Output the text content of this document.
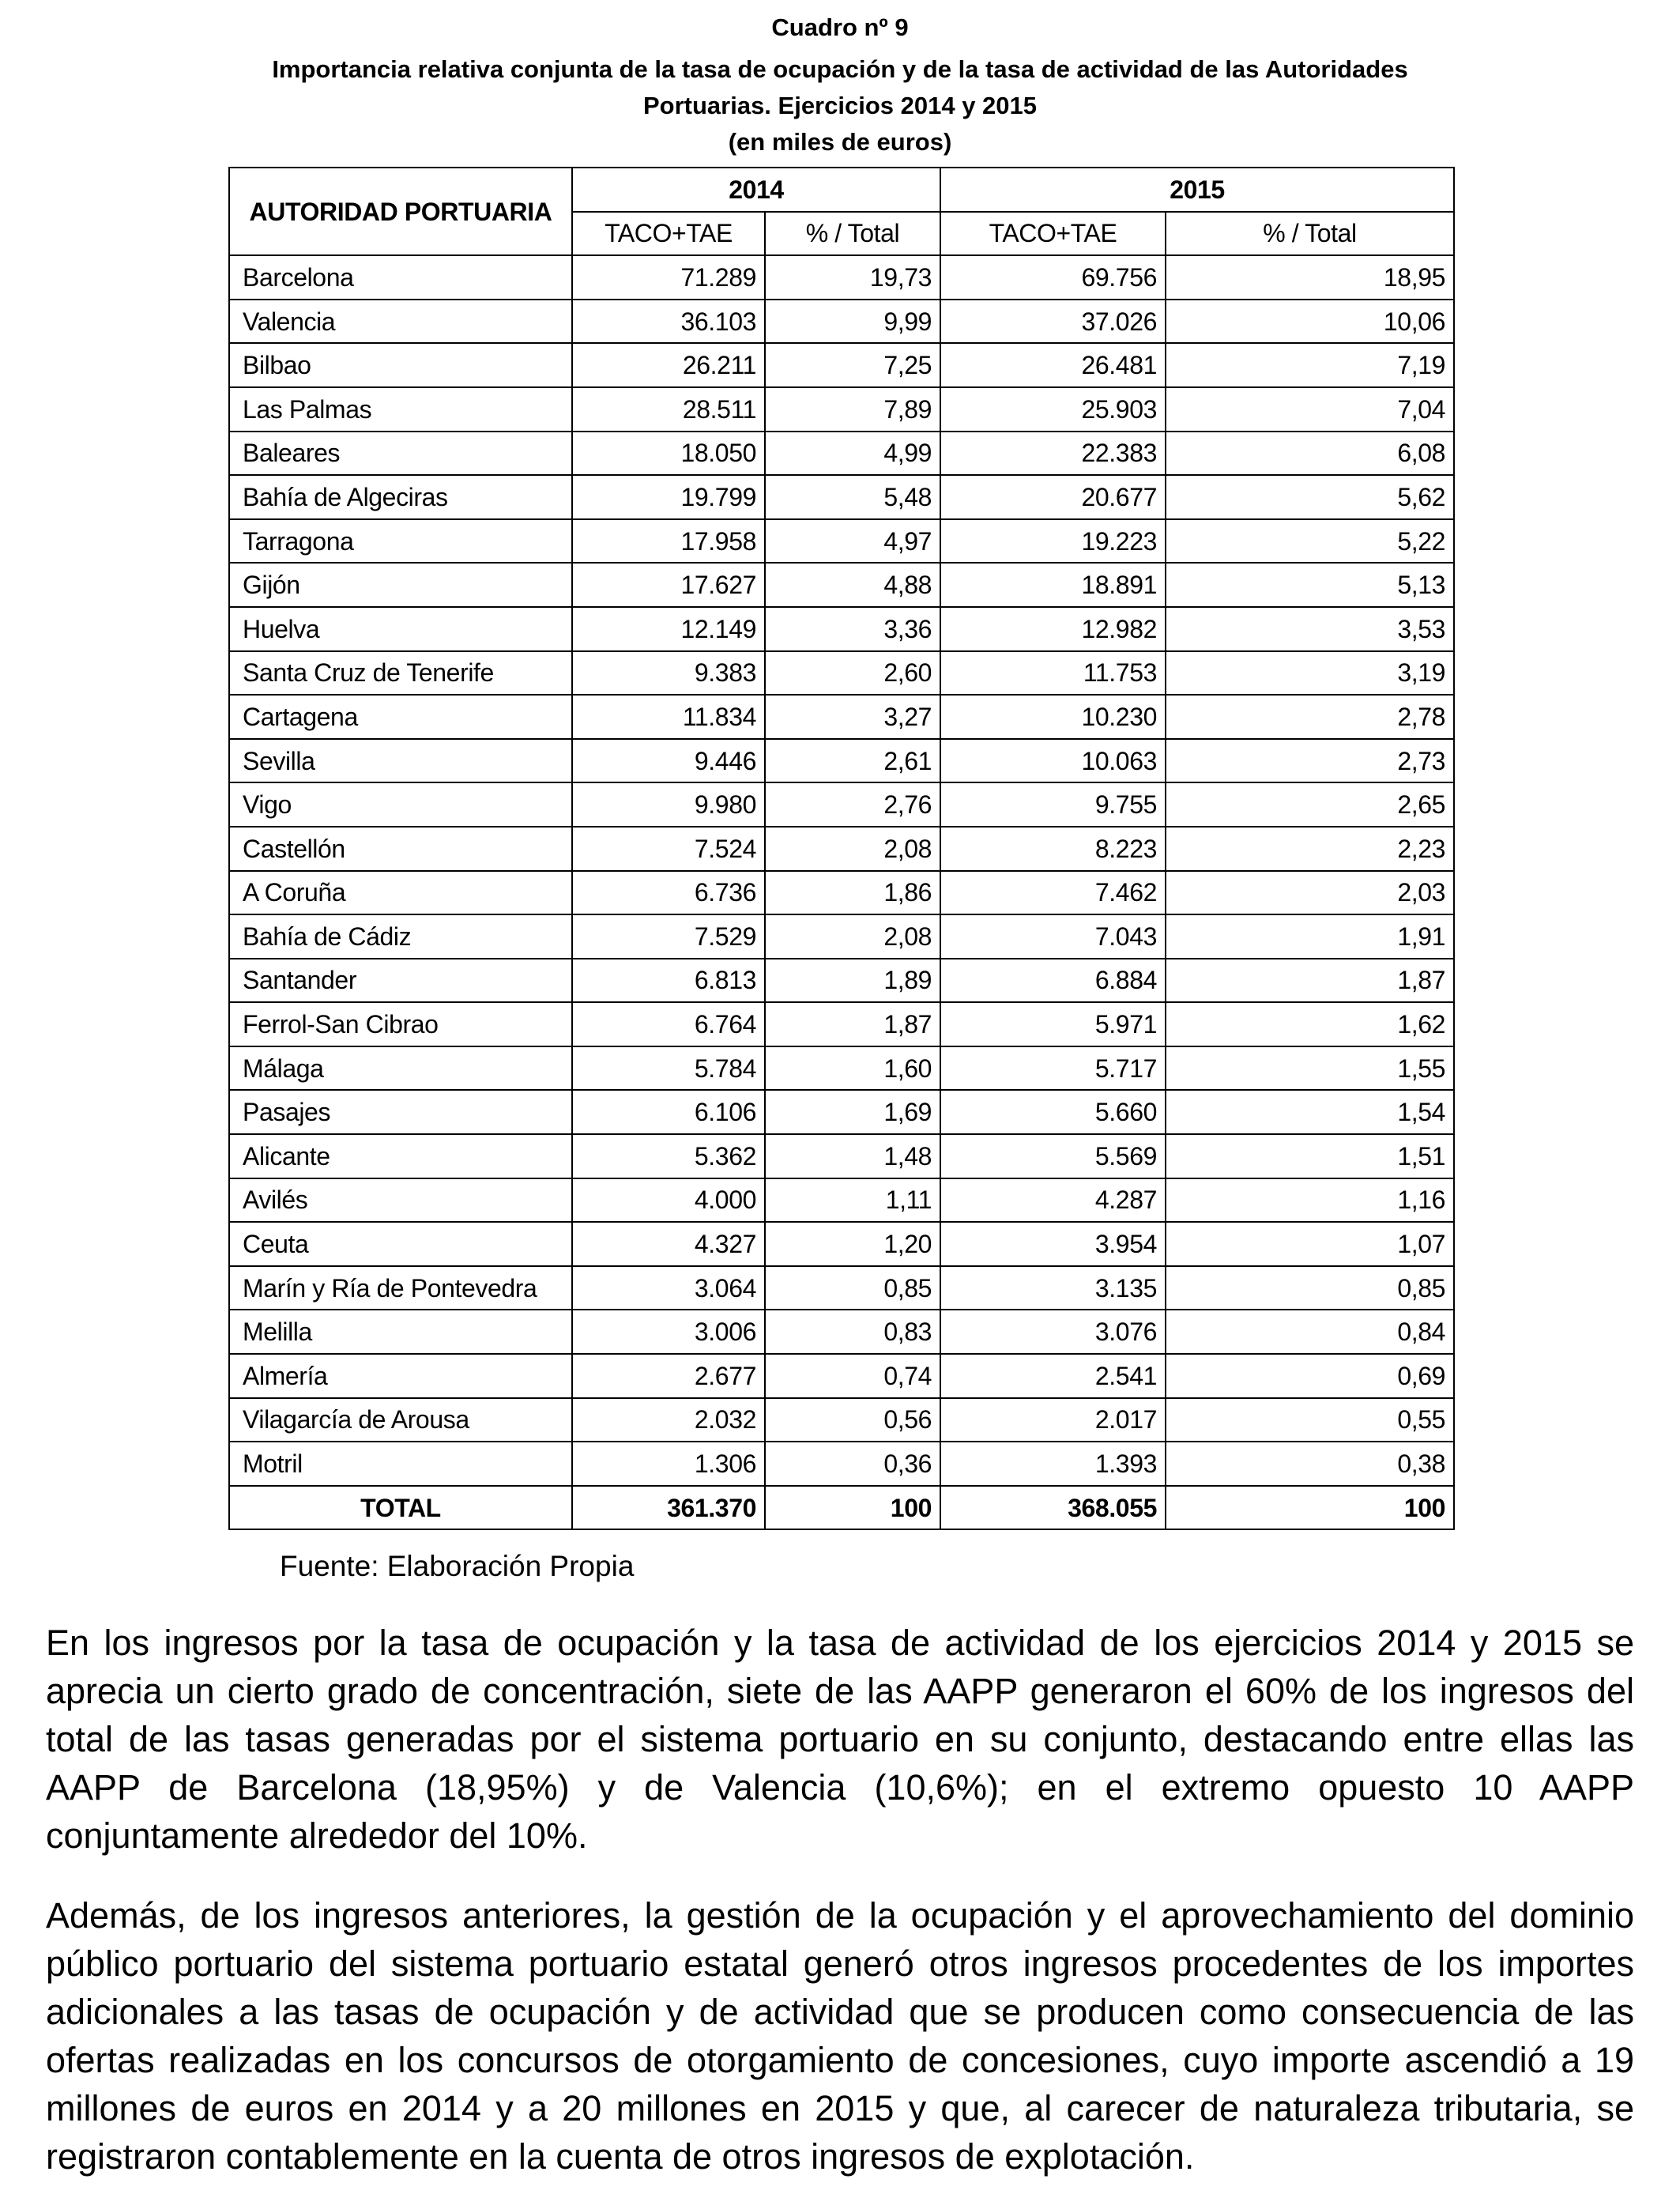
Cuadro nº 9
Importancia relativa conjunta de la tasa de ocupación y de la tasa de actividad de las Autoridades
Portuarias. Ejercicios 2014 y 2015
(en miles de euros)
AUTORIDAD PORTUARIA	2014		2015	
	TACO+TAE	% / Total	TACO+TAE	% / Total
Barcelona	71.289	19,73	69.756	18,95
Valencia	36.103	9,99	37.026	10,06
Bilbao	26.211	7,25	26.481	7,19
Las Palmas	28.511	7,89	25.903	7,04
Baleares	18.050	4,99	22.383	6,08
Bahía de Algeciras	19.799	5,48	20.677	5,62
Tarragona	17.958	4,97	19.223	5,22
Gijón	17.627	4,88	18.891	5,13
Huelva	12.149	3,36	12.982	3,53
Santa Cruz de Tenerife	9.383	2,60	11.753	3,19
Cartagena	11.834	3,27	10.230	2,78
Sevilla	9.446	2,61	10.063	2,73
Vigo	9.980	2,76	9.755	2,65
Castellón	7.524	2,08	8.223	2,23
A Coruña	6.736	1,86	7.462	2,03
Bahía de Cádiz	7.529	2,08	7.043	1,91
Santander	6.813	1,89	6.884	1,87
Ferrol-San Cibrao	6.764	1,87	5.971	1,62
Málaga	5.784	1,60	5.717	1,55
Pasajes	6.106	1,69	5.660	1,54
Alicante	5.362	1,48	5.569	1,51
Avilés	4.000	1,11	4.287	1,16
Ceuta	4.327	1,20	3.954	1,07
Marín y Ría de Pontevedra	3.064	0,85	3.135	0,85
Melilla	3.006	0,83	3.076	0,84
Almería	2.677	0,74	2.541	0,69
Vilagarcía de Arousa	2.032	0,56	2.017	0,55
Motril	1.306	0,36	1.393	0,38
TOTAL	361.370	100	368.055	100
Fuente: Elaboración Propia
En los ingresos por la tasa de ocupación y la tasa de actividad de los ejercicios 2014 y 2015 se
aprecia un cierto grado de concentración, siete de las AAPP generaron el 60% de los ingresos del
total de las tasas generadas por el sistema portuario en su conjunto, destacando entre ellas las
AAPP de Barcelona (18,95%) y de Valencia (10,6%); en el extremo opuesto 10 AAPP
conjuntamente alrededor del 10%.
Además, de los ingresos anteriores, la gestión de la ocupación y el aprovechamiento del dominio
público portuario del sistema portuario estatal generó otros ingresos procedentes de los importes
adicionales a las tasas de ocupación y de actividad que se producen como consecuencia de las
ofertas realizadas en los concursos de otorgamiento de concesiones, cuyo importe ascendió a 19
millones de euros en 2014 y a 20 millones en 2015 y que, al carecer de naturaleza tributaria, se
registraron contablemente en la cuenta de otros ingresos de explotación.
